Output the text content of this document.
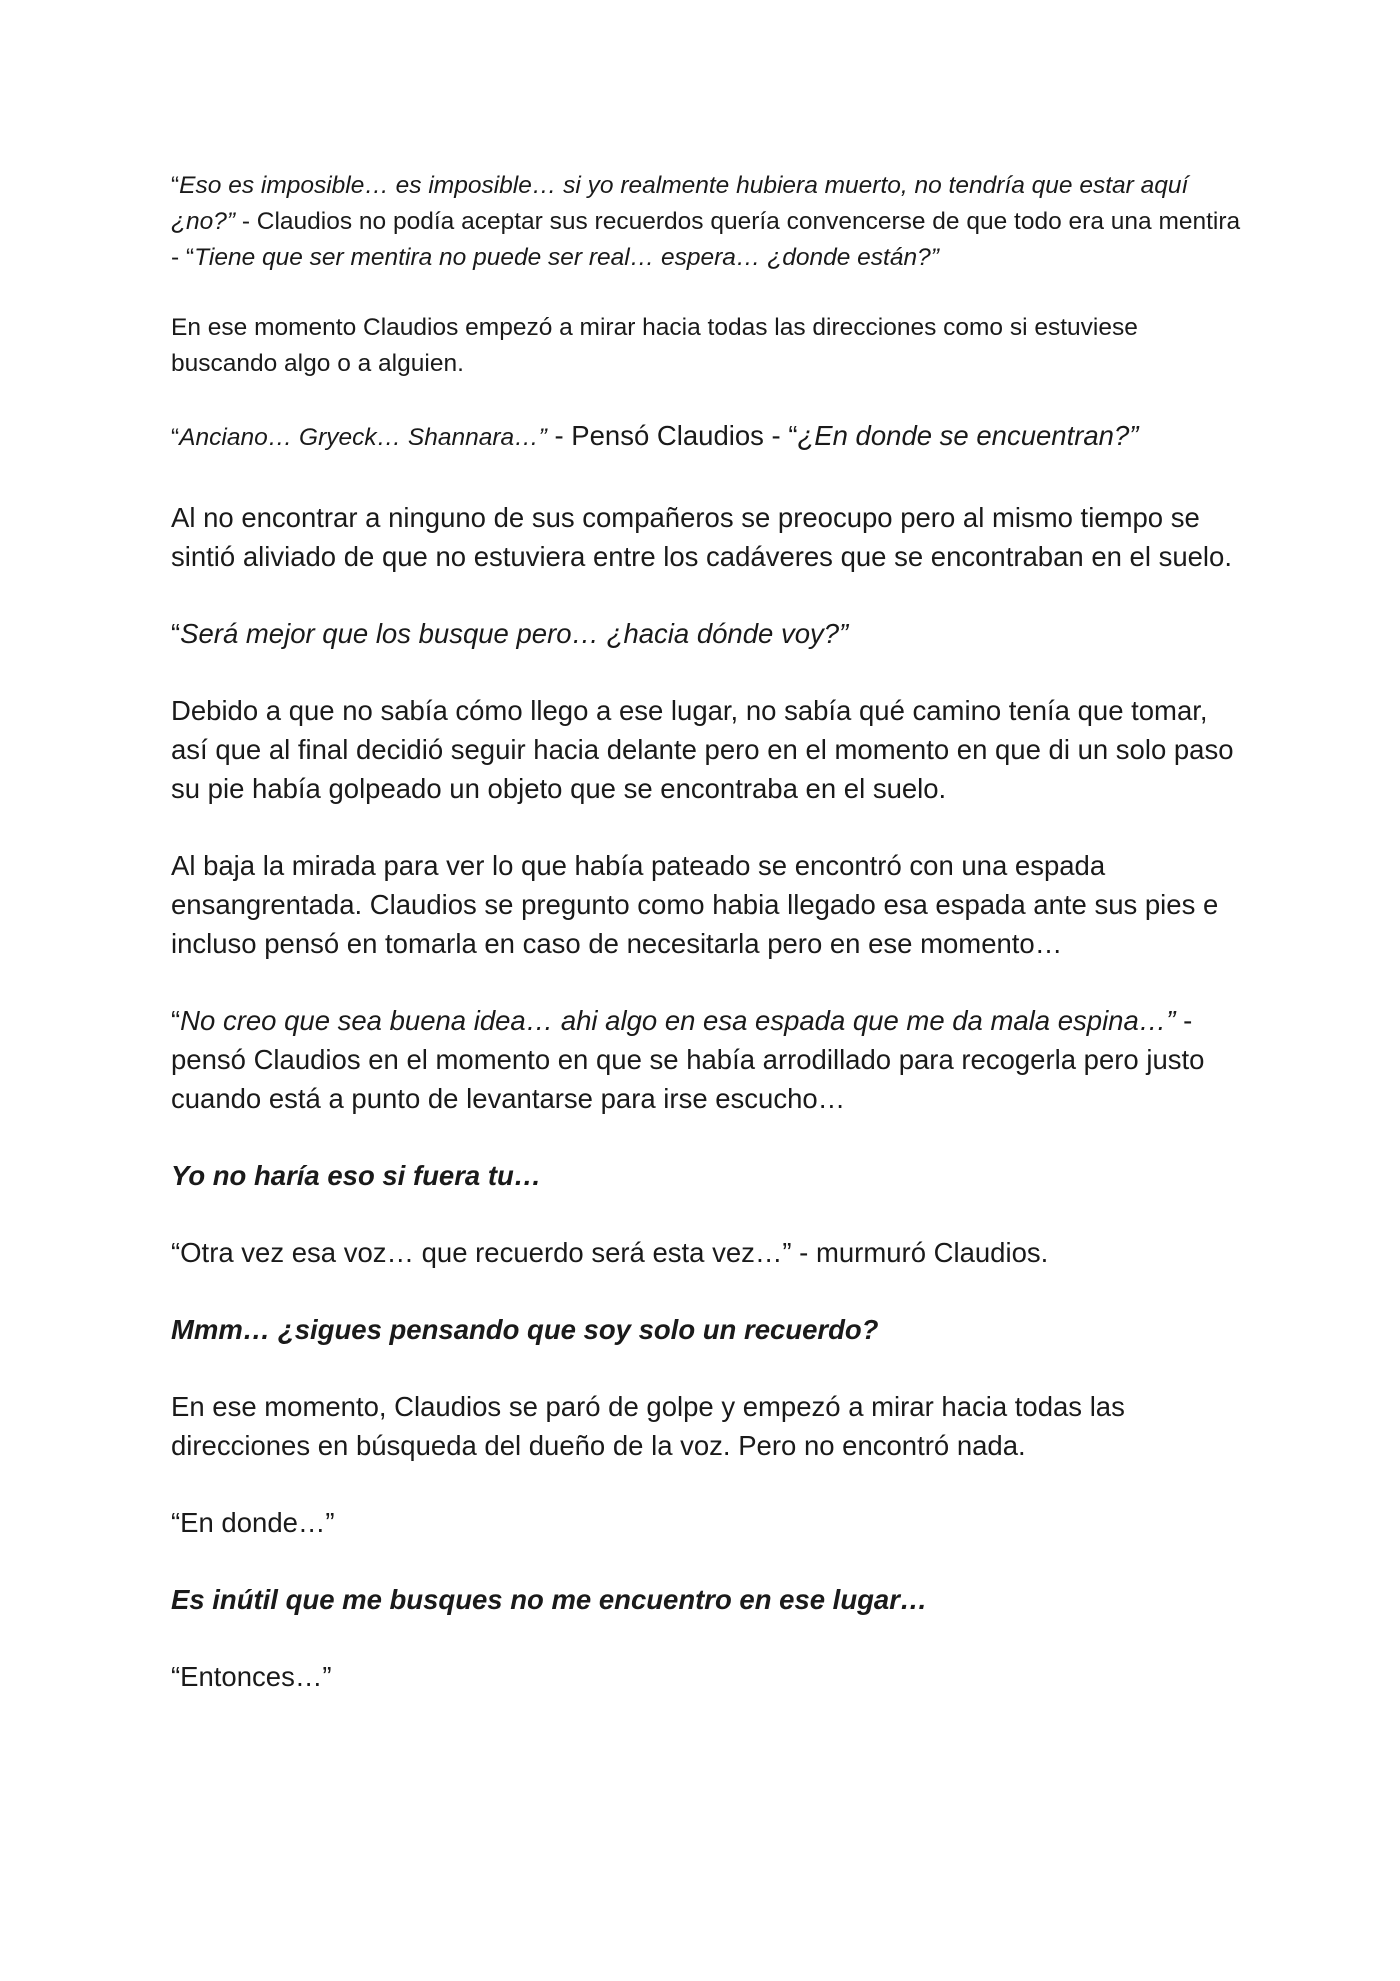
“Eso es imposible… es imposible… si yo realmente hubiera muerto, no tendría que estar aquí ¿no?” - Claudios no podía aceptar sus recuerdos quería convencerse de que todo era una mentira - “Tiene que ser mentira no puede ser real… espera… ¿donde están?”

En ese momento Claudios empezó a mirar hacia todas las direcciones como si estuviese buscando algo o a alguien.

“Anciano… Gryeck… Shannara…” - Pensó Claudios - “¿En donde se encuentran?”

Al no encontrar a ninguno de sus compañeros se preocupo pero al mismo tiempo se sintió aliviado de que no estuviera entre los cadáveres que se encontraban en el suelo.

“Será mejor que los busque pero… ¿hacia dónde voy?”

Debido a que no sabía cómo llego a ese lugar, no sabía qué camino tenía que tomar, así que al final decidió seguir hacia delante pero en el momento en que di un solo paso su pie había golpeado un objeto que se encontraba en el suelo.

Al baja la mirada para ver lo que había pateado se encontró con una espada ensangrentada. Claudios se pregunto como habia llegado esa espada ante sus pies e incluso pensó en tomarla en caso de necesitarla pero en ese momento…

“No creo que sea buena idea… ahi algo en esa espada que me da mala espina…” - pensó Claudios en el momento en que se había arrodillado para recogerla pero justo cuando está a punto de levantarse para irse escucho…

Yo no haría eso si fuera tu…

“Otra vez esa voz… que recuerdo será esta vez…” - murmuró Claudios.

Mmm… ¿sigues pensando que soy solo un recuerdo?

En ese momento, Claudios se paró de golpe y empezó a mirar hacia todas las direcciones en búsqueda del dueño de la voz. Pero no encontró nada.

“En donde…”

Es inútil que me busques no me encuentro en ese lugar…

“Entonces…”
